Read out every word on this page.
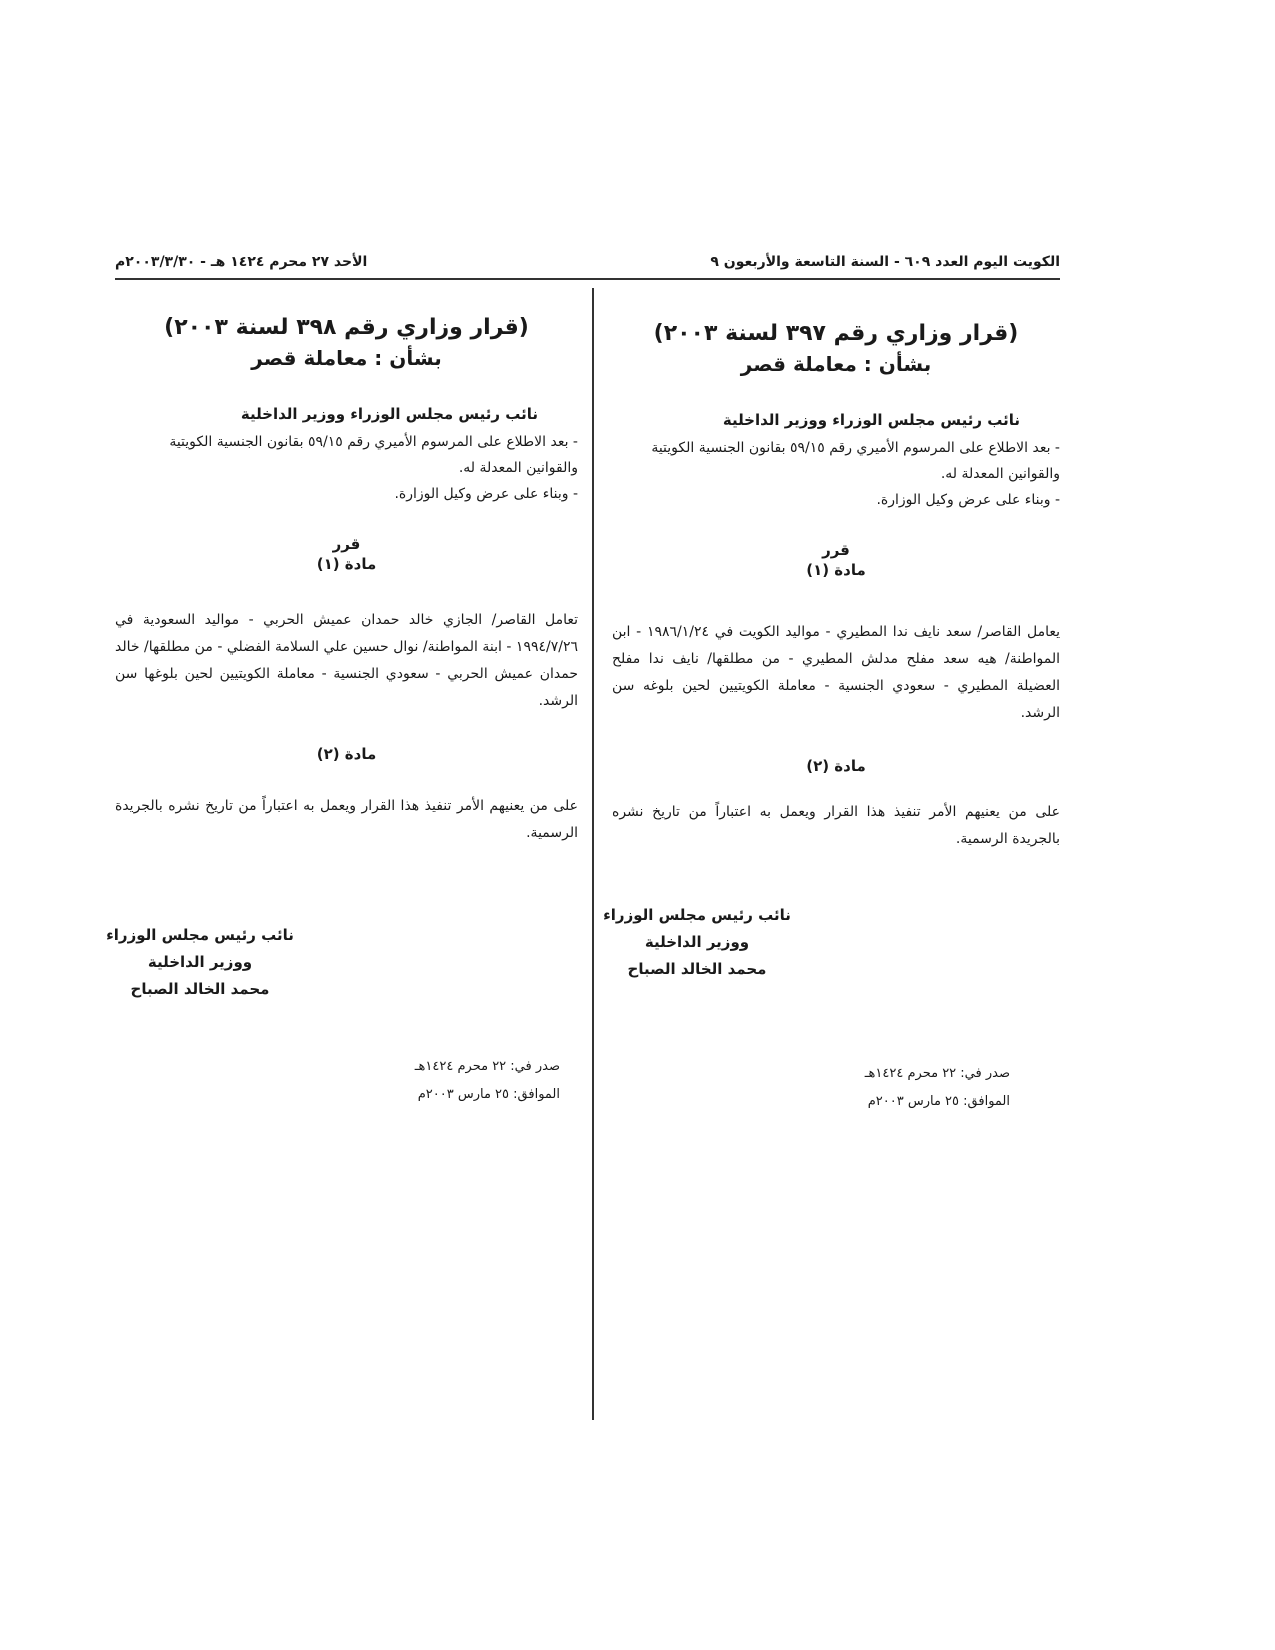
الكويت اليوم العدد ٦٠٩ - السنة التاسعة والأربعون ٩
الأحد ٢٧ محرم ١٤٢٤ هـ - ٢٠٠٣/٣/٣٠م

(قرار وزاري رقم ٣٩٧ لسنة ٢٠٠٣)

بشأن : معاملة قصر

نائب رئيس مجلس الوزراء ووزير الداخلية

- بعد الاطلاع على المرسوم الأميري رقم ٥٩/١٥ بقانون الجنسية الكويتية والقوانين المعدلة له.

- وبناء على عرض وكيل الوزارة.

قرر

مادة (١)

يعامل القاصر/ سعد نايف ندا المطيري - مواليد الكويت في ١٩٨٦/١/٢٤ - ابن المواطنة/ هيه سعد مفلح مدلش المطيري - من مطلقها/ نايف ندا مفلح العضيلة المطيري - سعودي الجنسية - معاملة الكويتيين لحين بلوغه سن الرشد.

مادة (٢)

على من يعنيهم الأمر تنفيذ هذا القرار ويعمل به اعتباراً من تاريخ نشره بالجريدة الرسمية.

نائب رئيس مجلس الوزراء
ووزير الداخلية
محمد الخالد الصباح
صدر في: ٢٢ محرم ١٤٢٤هـ
الموافق: ٢٥ مارس ٢٠٠٣م

(قرار وزاري رقم ٣٩٨ لسنة ٢٠٠٣)

بشأن : معاملة قصر

نائب رئيس مجلس الوزراء ووزير الداخلية

- بعد الاطلاع على المرسوم الأميري رقم ٥٩/١٥ بقانون الجنسية الكويتية والقوانين المعدلة له.

- وبناء على عرض وكيل الوزارة.

قرر

مادة (١)

تعامل القاصر/ الجازي خالد حمدان عميش الحربي - مواليد السعودية في ١٩٩٤/٧/٢٦ - ابنة المواطنة/ نوال حسين علي السلامة الفضلي - من مطلقها/ خالد حمدان عميش الحربي - سعودي الجنسية - معاملة الكويتيين لحين بلوغها سن الرشد.

مادة (٢)

على من يعنيهم الأمر تنفيذ هذا القرار ويعمل به اعتباراً من تاريخ نشره بالجريدة الرسمية.

نائب رئيس مجلس الوزراء
ووزير الداخلية
محمد الخالد الصباح
صدر في: ٢٢ محرم ١٤٢٤هـ
الموافق: ٢٥ مارس ٢٠٠٣م
